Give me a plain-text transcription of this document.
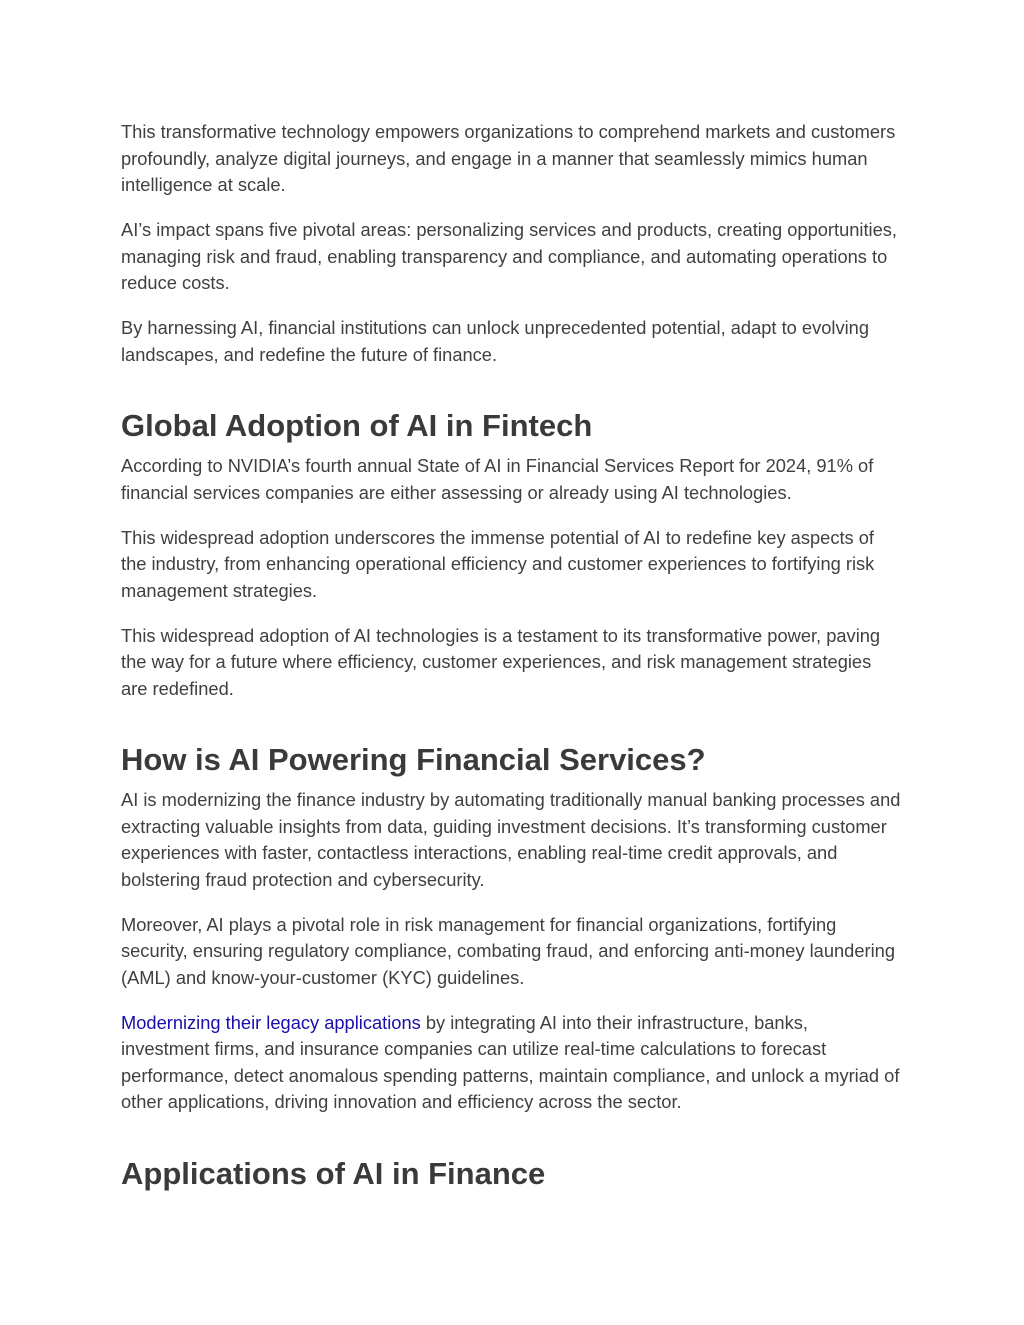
This transformative technology empowers organizations to comprehend markets and customers profoundly, analyze digital journeys, and engage in a manner that seamlessly mimics human intelligence at scale.

AI’s impact spans five pivotal areas: personalizing services and products, creating opportunities, managing risk and fraud, enabling transparency and compliance, and automating operations to reduce costs.

By harnessing AI, financial institutions can unlock unprecedented potential, adapt to evolving landscapes, and redefine the future of finance.

Global Adoption of AI in Fintech

According to NVIDIA’s fourth annual State of AI in Financial Services Report for 2024, 91% of financial services companies are either assessing or already using AI technologies.

This widespread adoption underscores the immense potential of AI to redefine key aspects of the industry, from enhancing operational efficiency and customer experiences to fortifying risk management strategies.

This widespread adoption of AI technologies is a testament to its transformative power, paving the way for a future where efficiency, customer experiences, and risk management strategies are redefined.

How is AI Powering Financial Services?

AI is modernizing the finance industry by automating traditionally manual banking processes and extracting valuable insights from data, guiding investment decisions. It’s transforming customer experiences with faster, contactless interactions, enabling real-time credit approvals, and bolstering fraud protection and cybersecurity.

Moreover, AI plays a pivotal role in risk management for financial organizations, fortifying security, ensuring regulatory compliance, combating fraud, and enforcing anti-money laundering (AML) and know-your-customer (KYC) guidelines.

Modernizing their legacy applications by integrating AI into their infrastructure, banks, investment firms, and insurance companies can utilize real-time calculations to forecast performance, detect anomalous spending patterns, maintain compliance, and unlock a myriad of other applications, driving innovation and efficiency across the sector.

Applications of AI in Finance
